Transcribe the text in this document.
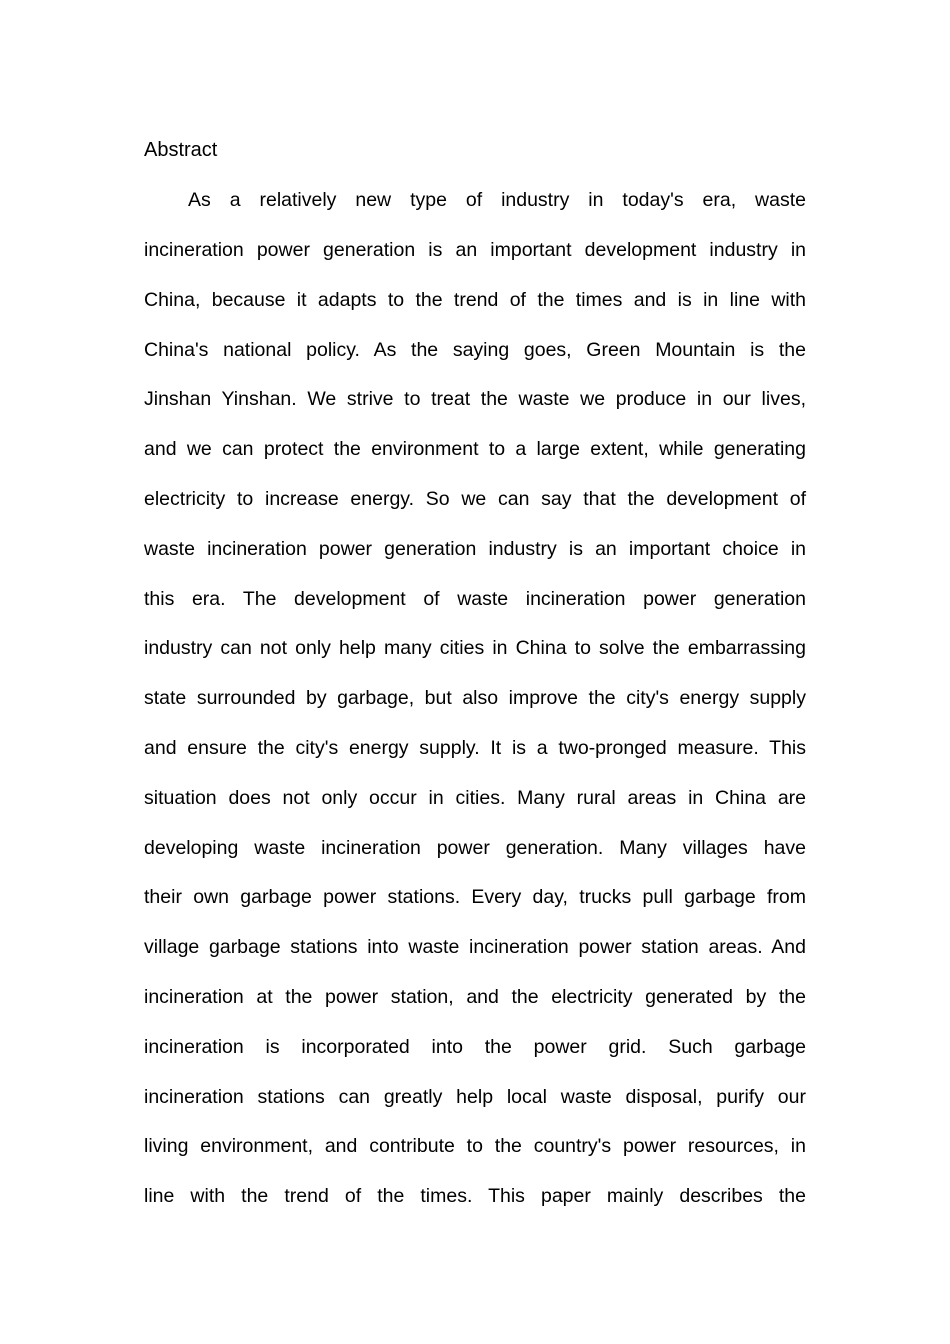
Abstract
As a relatively new type of industry in today's era, waste
incineration power generation is an important development industry in
China, because it adapts to the trend of the times and is in line with
China's national policy. As the saying goes, Green Mountain is the
Jinshan Yinshan. We strive to treat the waste we produce in our lives,
and we can protect the environment to a large extent, while generating
electricity to increase energy. So we can say that the development of
waste incineration power generation industry is an important choice in
this era. The development of waste incineration power generation
industry can not only help many cities in China to solve the embarrassing
state surrounded by garbage, but also improve the city's energy supply
and ensure the city's energy supply. It is a two-pronged measure. This
situation does not only occur in cities. Many rural areas in China are
developing waste incineration power generation. Many villages have
their own garbage power stations. Every day, trucks pull garbage from
village garbage stations into waste incineration power station areas. And
incineration at the power station, and the electricity generated by the
incineration is incorporated into the power grid. Such garbage
incineration stations can greatly help local waste disposal, purify our
living environment, and contribute to the country's power resources, in
line with the trend of the times. This paper mainly describes the
